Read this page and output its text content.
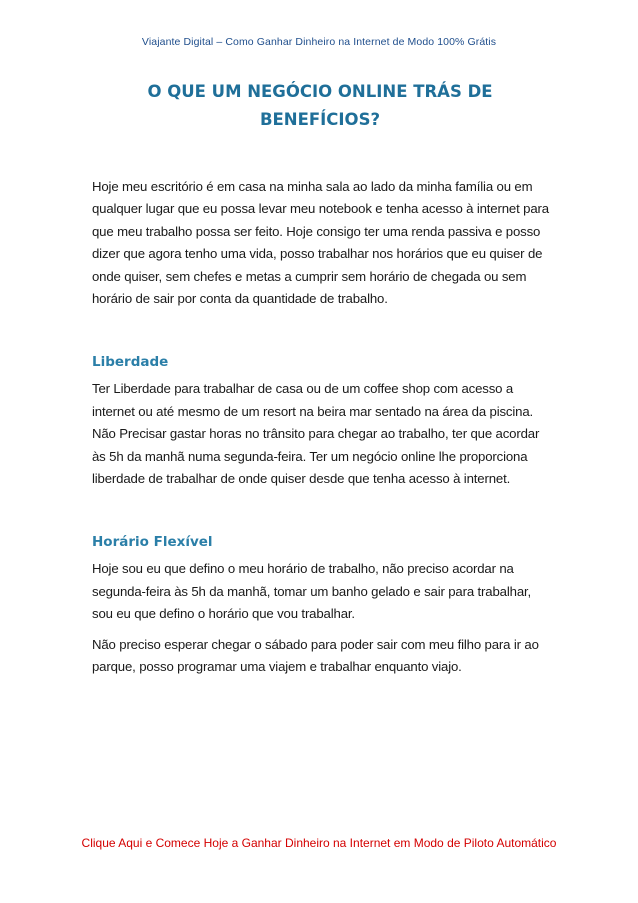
Viajante Digital – Como Ganhar Dinheiro na Internet de Modo 100% Grátis
O QUE UM NEGÓCIO ONLINE TRÁS DE BENEFÍCIOS?

Hoje meu escritório é em casa na minha sala ao lado da minha família ou em qualquer lugar que eu possa levar meu notebook e tenha acesso à internet para que meu trabalho possa ser feito. Hoje consigo ter uma renda passiva e posso dizer que agora tenho uma vida, posso trabalhar nos horários que eu quiser de onde quiser, sem chefes e metas a cumprir sem horário de chegada ou sem horário de sair por conta da quantidade de trabalho.

Liberdade

Ter Liberdade para trabalhar de casa ou de um coffee shop com acesso a internet ou até mesmo de um resort na beira mar sentado na área da piscina. Não Precisar gastar horas no trânsito para chegar ao trabalho, ter que acordar às 5h da manhã numa segunda-feira. Ter um negócio online lhe proporciona liberdade de trabalhar de onde quiser desde que tenha acesso à internet.

Horário Flexível

Hoje sou eu que defino o meu horário de trabalho, não preciso acordar na segunda-feira às 5h da manhã, tomar um banho gelado e sair para trabalhar, sou eu que defino o horário que vou trabalhar.

Não preciso esperar chegar o sábado para poder sair com meu filho para ir ao parque, posso programar uma viajem e trabalhar enquanto viajo.

Clique Aqui e Comece Hoje a Ganhar Dinheiro na Internet em Modo de Piloto Automático
